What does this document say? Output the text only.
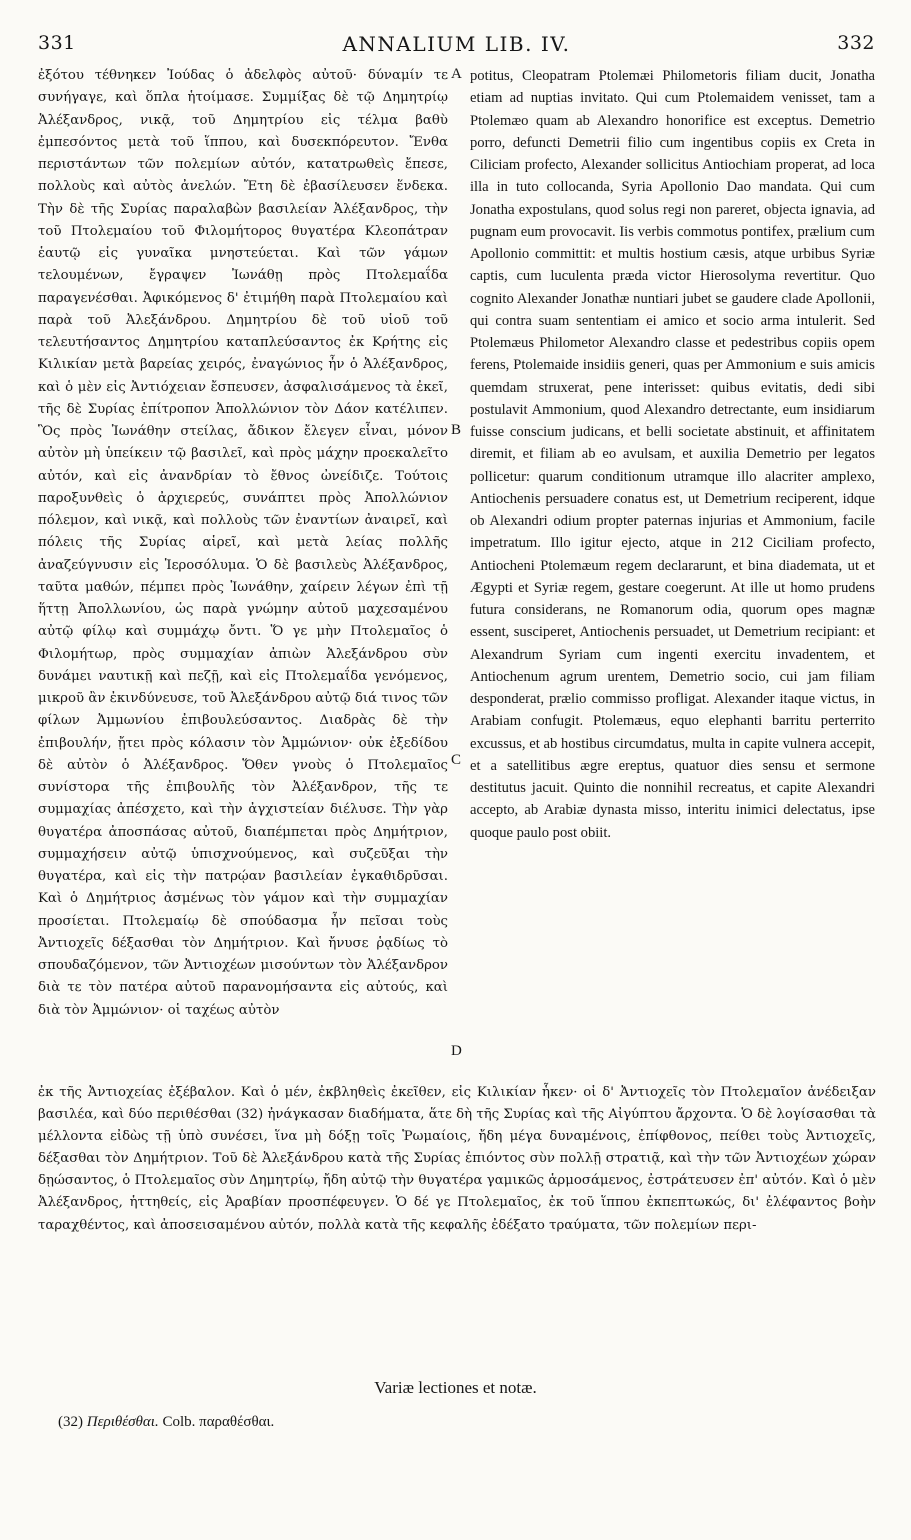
331	ANNALIUM LIB. IV.	332

ἐξότου τέθνηκεν Ἰούδας ὁ ἀδελφὸς αὐτοῦ· δύναμίν τε συνήγαγε, καὶ ὅπλα ἡτοίμασε. Συμμίξας δὲ τῷ Δημητρίῳ Ἀλέξανδρος, νικᾷ, τοῦ Δημητρίου εἰς τέλμα βαθὺ ἐμπεσόντος μετὰ τοῦ ἵππου, καὶ δυσεκπόρευτον. Ἔνθα περιστάντων τῶν πολεμίων αὐτόν, κατατρωθεὶς ἔπεσε, πολλοὺς καὶ αὐτὸς ἀνελών. Ἔτη δὲ ἐβασίλευσεν ἕνδεκα. Τὴν δὲ τῆς Συρίας παραλαβὼν βασιλείαν Ἀλέξανδρος, τὴν τοῦ Πτολεμαίου τοῦ Φιλομήτορος θυγατέρα Κλεοπάτραν ἑαυτῷ εἰς γυναῖκα μνηστεύεται. Καὶ τῶν γάμων τελουμένων, ἔγραψεν Ἰωνάθῃ πρὸς Πτολεμαΐδα παραγενέσθαι. Ἀφικόμενος δ' ἐτιμήθη παρὰ Πτολεμαίου καὶ παρὰ τοῦ Ἀλεξάνδρου. Δημητρίου δὲ τοῦ υἱοῦ τοῦ τελευτήσαντος Δημητρίου καταπλεύσαντος ἐκ Κρήτης εἰς Κιλικίαν μετὰ βαρείας χειρός, ἐναγώνιος ἦν ὁ Ἀλέξανδρος, καὶ ὁ μὲν εἰς Ἀντιόχειαν ἔσπευσεν, ἀσφαλισάμενος τὰ ἐκεῖ, τῆς δὲ Συρίας ἐπίτροπον Ἀπολλώνιον τὸν Δάον κατέλιπεν. Ὃς πρὸς Ἰωνάθην στείλας, ἄδικον ἔλεγεν εἶναι, μόνον αὐτὸν μὴ ὑπείκειν τῷ βασιλεῖ, καὶ πρὸς μάχην προεκαλεῖτο αὐτόν, καὶ εἰς ἀνανδρίαν τὸ ἔθνος ὠνείδιζε. Τούτοις παροξυνθεὶς ὁ ἀρχιερεύς, συνάπτει πρὸς Ἀπολλώνιον πόλεμον, καὶ νικᾷ, καὶ πολλοὺς τῶν ἐναντίων ἀναιρεῖ, καὶ πόλεις τῆς Συρίας αἱρεῖ, καὶ μετὰ λείας πολλῆς ἀναζεύγνυσιν εἰς Ἱεροσόλυμα. Ὁ δὲ βασιλεὺς Ἀλέξανδρος, ταῦτα μαθών, πέμπει πρὸς Ἰωνάθην, χαίρειν λέγων ἐπὶ τῇ ἥττῃ Ἀπολλωνίου, ὡς παρὰ γνώμην αὐτοῦ μαχεσαμένου αὐτῷ φίλῳ καὶ συμμάχῳ ὄντι. Ὅ γε μὴν Πτολεμαῖος ὁ Φιλομήτωρ, πρὸς συμμαχίαν ἀπιὼν Ἀλεξάνδρου σὺν δυνάμει ναυτικῇ καὶ πεζῇ, καὶ εἰς Πτολεμαΐδα γενόμενος, μικροῦ ἂν ἐκινδύνευσε, τοῦ Ἀλεξάνδρου αὐτῷ διά τινος τῶν φίλων Ἀμμωνίου ἐπιβουλεύσαντος. Διαδρὰς δὲ τὴν ἐπιβουλήν, ᾔτει πρὸς κόλασιν τὸν Ἀμμώνιον· οὐκ ἐξεδίδου δὲ αὐτὸν ὁ Ἀλέξανδρος. Ὅθεν γνοὺς ὁ Πτολεμαῖος συνίστορα τῆς ἐπιβουλῆς τὸν Ἀλέξανδρον, τῆς τε συμμαχίας ἀπέσχετο, καὶ τὴν ἀγχιστείαν διέλυσε. Τὴν γὰρ θυγατέρα ἀποσπάσας αὐτοῦ, διαπέμπεται πρὸς Δημήτριον, συμμαχήσειν αὐτῷ ὑπισχνούμενος, καὶ συζεῦξαι τὴν θυγατέρα, καὶ εἰς τὴν πατρῴαν βασιλείαν ἐγκαθιδρῦσαι. Καὶ ὁ Δημήτριος ἀσμένως τὸν γάμον καὶ τὴν συμμαχίαν προσίεται. Πτολεμαίῳ δὲ σπούδασμα ἦν πεῖσαι τοὺς Ἀντιοχεῖς δέξασθαι τὸν Δημήτριον. Καὶ ἤνυσε ῥᾳδίως τὸ σπουδαζόμενον, τῶν Ἀντιοχέων μισούντων τὸν Ἀλέξανδρον διὰ τε τὸν πατέρα αὐτοῦ παρανομήσαντα εἰς αὐτούς, καὶ διὰ τὸν Ἀμμώνιον· οἱ ταχέως αὐτὸν

A
B
C
D

potitus, Cleopatram Ptolemæi Philometoris filiam ducit, Jonatha etiam ad nuptias invitato. Qui cum Ptolemaidem venisset, tam a Ptolemæo quam ab Alexandro honorifice est exceptus. Demetrio porro, defuncti Demetrii filio cum ingentibus copiis ex Creta in Ciliciam profecto, Alexander sollicitus Antiochiam properat, ad loca illa in tuto collocanda, Syria Apollonio Dao mandata. Qui cum Jonatha expostulans, quod solus regi non pareret, objecta ignavia, ad pugnam eum provocavit. Iis verbis commotus pontifex, prælium cum Apollonio committit: et multis hostium cæsis, atque urbibus Syriæ captis, cum luculenta præda victor Hierosolyma revertitur. Quo cognito Alexander Jonathæ nuntiari jubet se gaudere clade Apollonii, qui contra suam sententiam ei amico et socio arma intulerit. Sed Ptolemæus Philometor Alexandro classe et pedestribus copiis opem ferens, Ptolemaide insidiis generi, quas per Ammonium e suis amicis quemdam struxerat, pene interisset: quibus evitatis, dedi sibi postulavit Ammonium, quod Alexandro detrectante, eum insidiarum fuisse conscium judicans, et belli societate abstinuit, et affinitatem diremit, et filiam ab eo avulsam, et auxilia Demetrio per legatos pollicetur: quarum conditionum utramque illo alacriter amplexo, Antiochenis persuadere conatus est, ut Demetrium reciperent, idque ob Alexandri odium propter paternas injurias et Ammonium, facile impetratum. Illo igitur ejecto, atque in 212 Ciciliam profecto, Antiocheni Ptolemæum regem declararunt, et bina diademata, ut et Ægypti et Syriæ regem, gestare coegerunt. At ille ut homo prudens futura considerans, ne Romanorum odia, quorum opes magnæ essent, susciperet, Antiochenis persuadet, ut Demetrium recipiant: et Alexandrum Syriam cum ingenti exercitu invadentem, et Antiochenum agrum urentem, Demetrio socio, cui jam filiam desponderat, prælio commisso profligat. Alexander itaque victus, in Arabiam confugit. Ptolemæus, equo elephanti barritu perterrito excussus, et ab hostibus circumdatus, multa in capite vulnera accepit, et a satellitibus ægre ereptus, quatuor dies sensu et sermone destitutus jacuit. Quinto die nonnihil recreatus, et capite Alexandri accepto, ab Arabiæ dynasta misso, interitu inimici delectatus, ipse quoque paulo post obiit.

ἐκ τῆς Ἀντιοχείας ἐξέβαλον. Καὶ ὁ μέν, ἐκβληθεὶς ἐκεῖθεν, εἰς Κιλικίαν ἧκεν· οἱ δ' Ἀντιοχεῖς τὸν Πτολεμαῖον ἀνέδειξαν βασιλέα, καὶ δύο περιθέσθαι (32) ἠνάγκασαν διαδήματα, ἅτε δὴ τῆς Συρίας καὶ τῆς Αἰγύπτου ἄρχοντα. Ὁ δὲ λογίσασθαι τὰ μέλλοντα εἰδὼς τῇ ὑπὸ συνέσει, ἵνα μὴ δόξῃ τοῖς Ῥωμαίοις, ἤδη μέγα δυναμένοις, ἐπίφθονος, πείθει τοὺς Ἀντιοχεῖς, δέξασθαι τὸν Δημήτριον. Τοῦ δὲ Ἀλεξάνδρου κατὰ τῆς Συρίας ἐπιόντος σὺν πολλῇ στρατιᾷ, καὶ τὴν τῶν Ἀντιοχέων χώραν δῃώσαντος, ὁ Πτολεμαῖος σὺν Δημητρίῳ, ἤδη αὐτῷ τὴν θυγατέρα γαμικῶς ἁρμοσάμενος, ἐστράτευσεν ἐπ' αὐτόν. Καὶ ὁ μὲν Ἀλέξανδρος, ἡττηθείς, εἰς Ἀραβίαν προσπέφευγεν. Ὁ δέ γε Πτολεμαῖος, ἐκ τοῦ ἵππου ἐκπεπτωκώς, δι' ἐλέφαντος βοὴν ταραχθέντος, καὶ ἀποσεισαμένου αὐτόν, πολλὰ κατὰ τῆς κεφαλῆς ἐδέξατο τραύματα, τῶν πολεμίων περι-

Variæ lectiones et notæ.
(32) Περιθέσθαι. Colb. παραθέσθαι.
